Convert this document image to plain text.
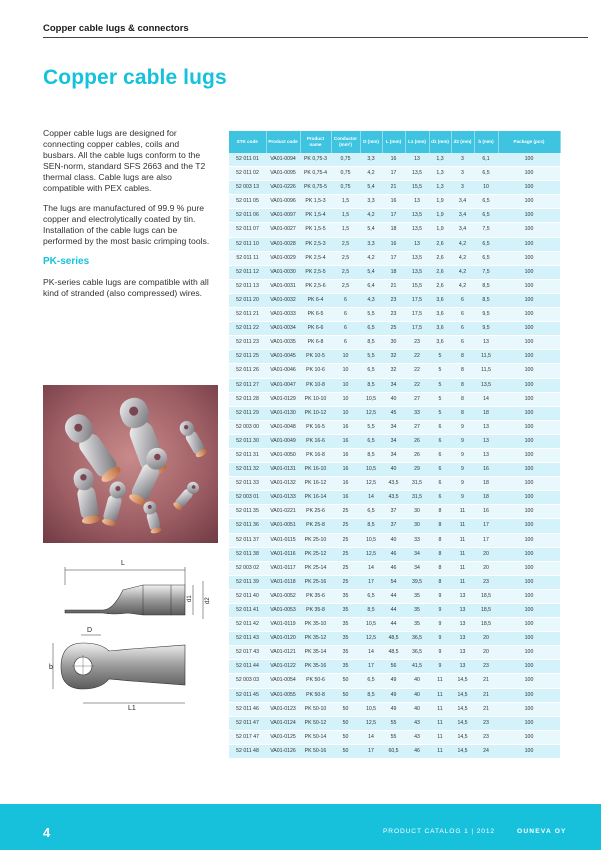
Copper cable lugs & connectors
Copper cable lugs

Copper cable lugs are designed for connecting copper cables, coils and busbars. All the cable lugs conform to the SEN-norm, standard SFS 2663 and the T2 thermal class. Cable lugs are also compatible with PEX cables.

The lugs are manufactured of 99.9 % pure copper and electrolytically coated by tin. Installation of the cable lugs can be performed by the most basic crimping tools.

PK-series

PK-series cable lugs are compatible with all kind of stranded (also compressed) wires.

L
d1 d2
D
b
L1
STK code	Product code	Product name	Conductor (mm²)	D (mm)	L (mm)	L1 (mm)	d1 (mm)	d2 (mm)	b (mm)	Package (pcs)
52 011 01	VA01-0094	PK 0,75-3	0,75	3,3	16	13	1,3	3	6,1	100
52 011 02	VA01-0095	PK 0,75-4	0,75	4,2	17	13,5	1,3	3	6,5	100
52 003 13	VA01-0226	PK 0,75-5	0,75	5,4	21	15,5	1,3	3	10	100
52 011 05	VA01-0096	PK 1,5-3	1,5	3,3	16	13	1,9	3,4	6,5	100
52 011 06	VA01-0097	PK 1,5-4	1,5	4,2	17	13,5	1,9	3,4	6,5	100
52 011 07	VA01-0027	PK 1,5-5	1,5	5,4	18	13,5	1,9	3,4	7,5	100
52 011 10	VA01-0028	PK 2,5-3	2,5	3,3	16	13	2,6	4,2	6,5	100
52 011 11	VA01-0029	PK 2,5-4	2,5	4,2	17	13,5	2,6	4,2	6,5	100
52 011 12	VA01-0030	PK 2,5-5	2,5	5,4	18	13,5	2,6	4,2	7,5	100
52 011 13	VA01-0031	PK 2,5-6	2,5	6,4	21	15,5	2,6	4,2	8,5	100
52 011 20	VA01-0032	PK 6-4	6	4,3	23	17,5	3,6	6	8,5	100
52 011 21	VA01-0033	PK 6-5	6	5,5	23	17,5	3,6	6	9,5	100
52 011 22	VA01-0034	PK 6-6	6	6,5	25	17,5	3,6	6	9,5	100
52 011 23	VA01-0035	PK 6-8	6	8,5	30	23	3,6	6	13	100
52 011 25	VA01-0045	PK 10-5	10	5,5	32	22	5	8	11,5	100
52 011 26	VA01-0046	PK 10-6	10	6,5	32	22	5	8	11,5	100
52 011 27	VA01-0047	PK 10-8	10	8,5	34	22	5	8	13,5	100
52 011 28	VA01-0129	PK 10-10	10	10,5	40	27	5	8	14	100
52 011 29	VA01-0130	PK 10-12	10	12,5	45	33	5	8	18	100
52 003 00	VA01-0048	PK 16-5	16	5,5	34	27	6	9	13	100
52 011 30	VA01-0049	PK 16-6	16	6,5	34	26	6	9	13	100
52 011 31	VA01-0050	PK 16-8	16	8,5	34	26	6	9	13	100
52 011 32	VA01-0131	PK 16-10	16	10,5	40	29	6	9	16	100
52 011 33	VA01-0132	PK 16-12	16	12,5	43,5	31,5	6	9	18	100
52 003 01	VA01-0133	PK 16-14	16	14	43,5	31,5	6	9	18	100
52 011 35	VA01-0221	PK 25-6	25	6,5	37	30	8	11	16	100
52 011 36	VA01-0051	PK 25-8	25	8,5	37	30	8	11	17	100
52 011 37	VA01-0115	PK 25-10	25	10,5	40	33	8	11	17	100
52 011 38	VA01-0116	PK 25-12	25	12,5	46	34	8	11	20	100
52 003 02	VA01-0117	PK 25-14	25	14	46	34	8	11	20	100
52 011 39	VA01-0118	PK 25-16	25	17	54	39,5	8	11	23	100
52 011 40	VA01-0052	PK 35-6	35	6,5	44	35	9	13	18,5	100
52 011 41	VA01-0053	PK 35-8	35	8,5	44	35	9	13	18,5	100
52 011 42	VA01-0119	PK 35-10	35	10,5	44	35	9	13	18,5	100
52 011 43	VA01-0120	PK 35-12	35	12,5	48,5	36,5	9	13	20	100
52 017 43	VA01-0121	PK 35-14	35	14	48,5	36,5	9	13	20	100
52 011 44	VA01-0122	PK 35-16	35	17	56	41,5	9	13	23	100
52 003 03	VA01-0054	PK 50-6	50	6,5	49	40	11	14,5	21	100
52 011 45	VA01-0055	PK 50-8	50	8,5	49	40	11	14,5	21	100
52 011 46	VA01-0123	PK 50-10	50	10,5	49	40	11	14,5	21	100
52 011 47	VA01-0124	PK 50-12	50	12,5	55	43	11	14,5	23	100
52 017 47	VA01-0125	PK 50-14	50	14	55	43	11	14,5	23	100
52 011 48	VA01-0126	PK 50-16	50	17	60,5	46	11	14,5	24	100
4	PRODUCT CATALOG 1 | 2012	OUNEVA OY
